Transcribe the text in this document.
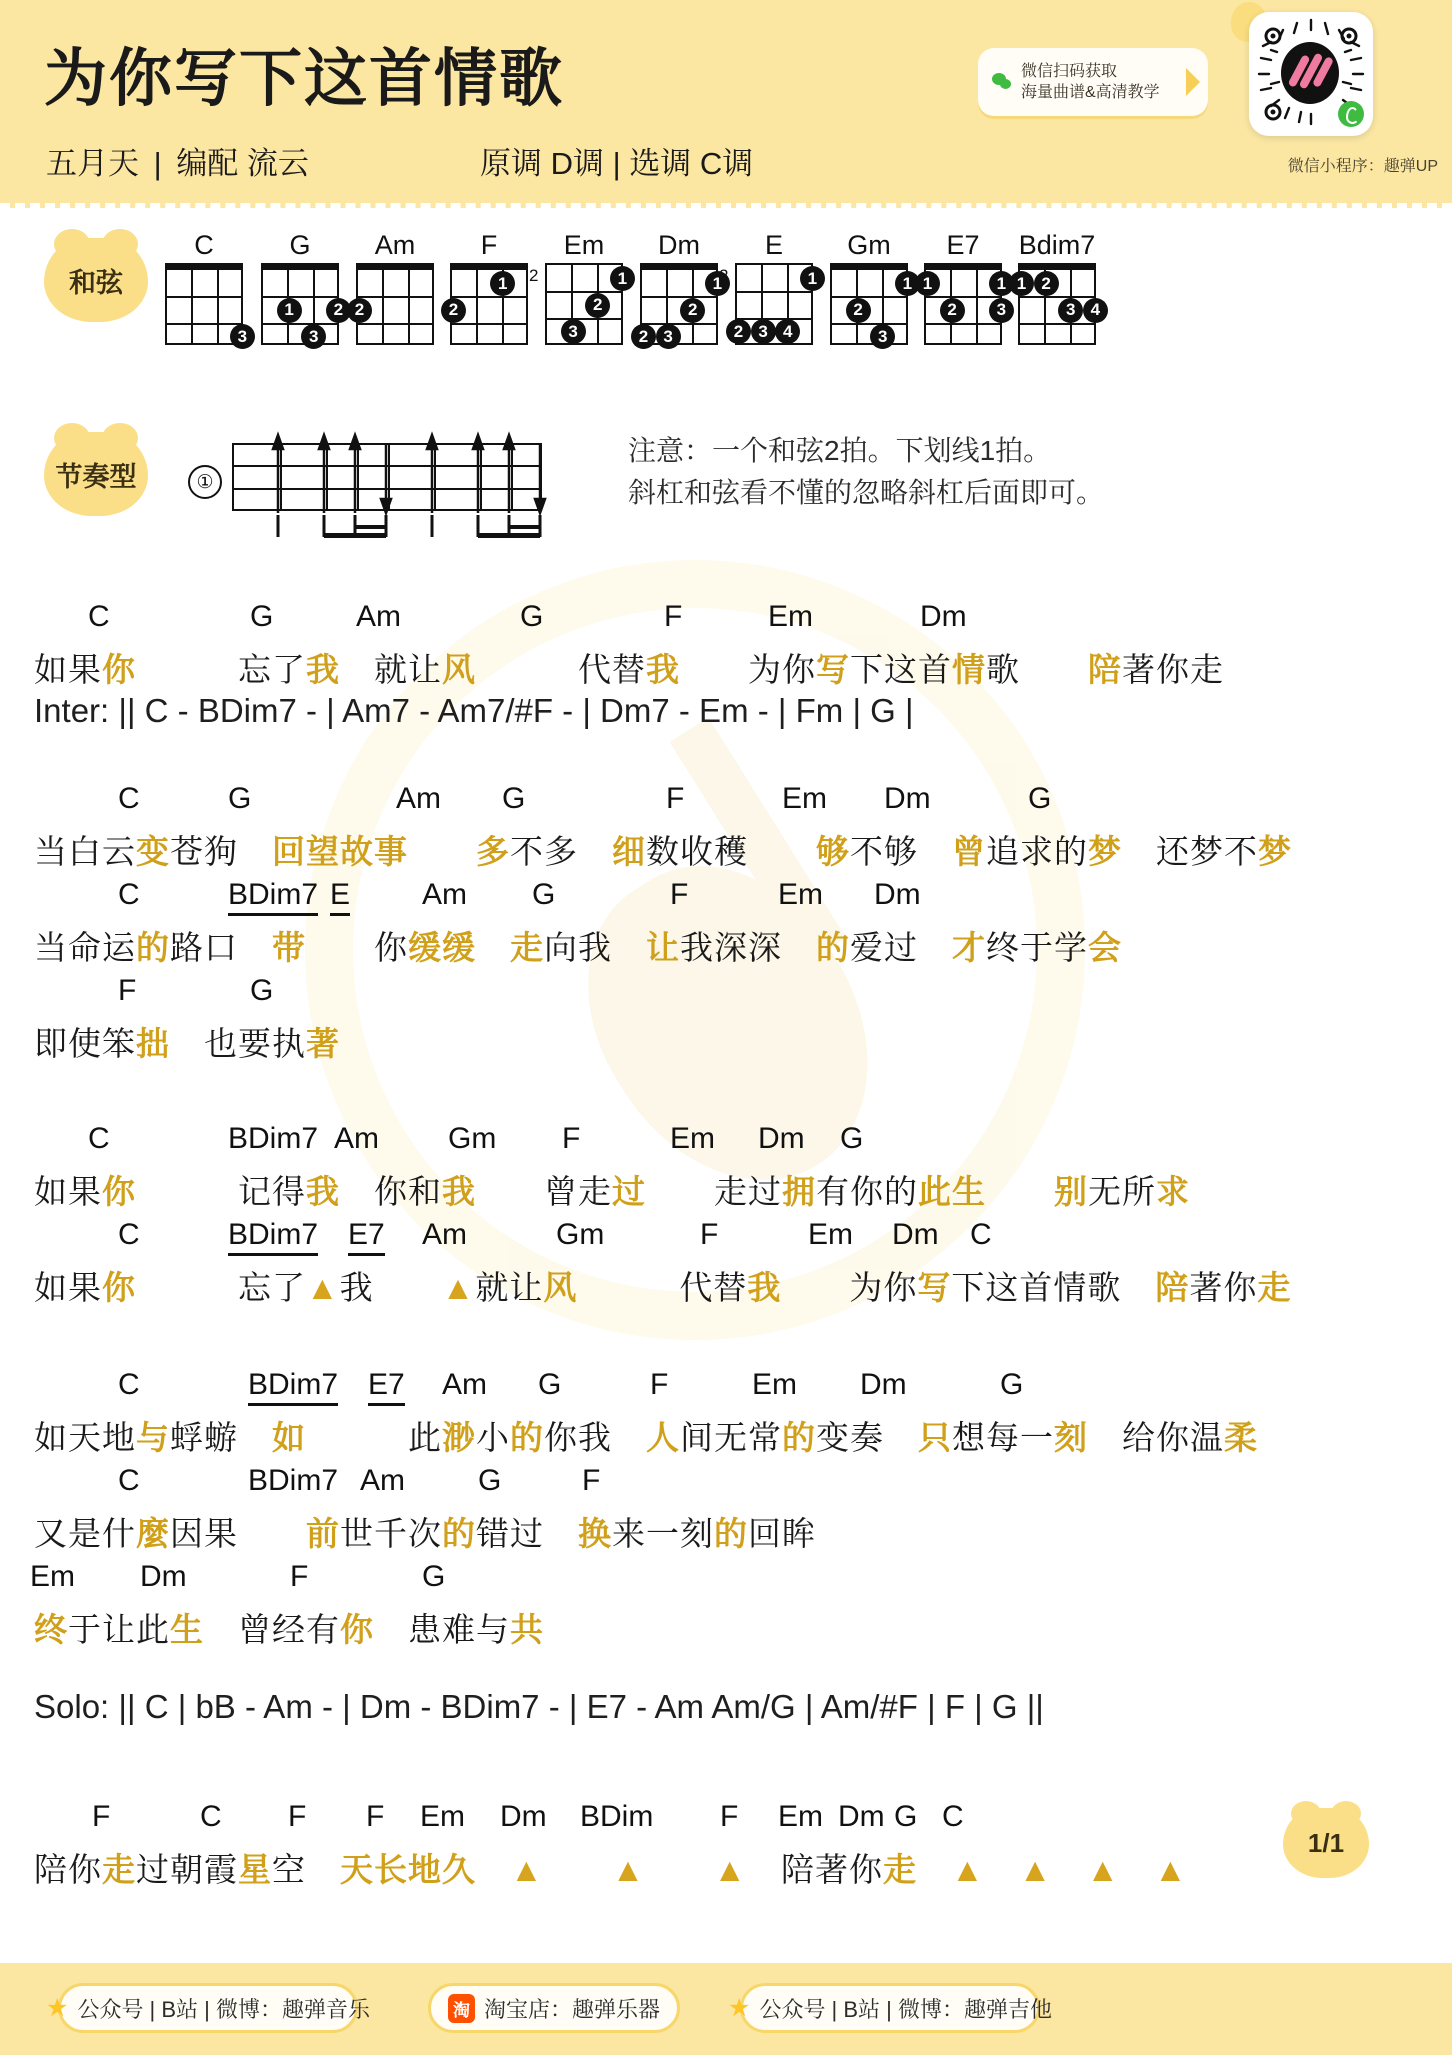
为你写下这首情歌
五月天 | 编配 流云	原调 D调 | 选调 C调
微信扫码获取
海量曲谱&高清教学
微信小程序：趣弹UP
和弦
C
3
G
1	2
3
Am
2
F
1
2
Em
2	1
2
3
Dm
1
2
2 3
E
1
2 3 4
Gm
1
2
3
E7
1	1
2	3
Bdim7
1 2
3 4
节奏型	①
注意：一个和弦2拍。下划线1拍。
斜杠和弦看不懂的忽略斜杠后面即可。
C	G	Am	G	F	Em	Dm
如果你　　　忘了我　就让风　　　代替我　　为你写下这首情歌　　陪著你走
C	G	Am G	F	Em Dm	G
当白云变苍狗　回望故事　　 多不多　细数收穫　　够不够　曾追求的梦　还梦不梦
C	BDim7 E Am G	F	Em Dm
当命运的路口　带　　你缓缓　 走向我　让我深深　的爱过　才终于学会
F	G
即使笨拙　也要执著
C	BDim7 Am Gm F	Em Dm G
如果你　　　记得我　你和我　　曾走过　　走过拥有你的此生　　 别无所求
C	BDim7 E7 Am	Gm	F	Em Dm C
如果你　　　忘了▲我　　▲就让风　　　代替我　　为你写下这首情歌　陪著你走
C	BDim7 E7 Am G	F	Em Dm	G
如天地与蜉蝣　如　　　此渺小的你我　人间无常的变奏　只想每一刻　给你温柔
C	BDim7 Am G	F
又是什麼因果　　前世千次的错过　换来一刻的回眸
Em Dm	F	G
终于让此生　曾经有你　患难与共
F	C F F Em Dm BDim F Em Dm G C
陪你走过朝霞星空　天长地久　 ▲　　 ▲　　 ▲　陪著你走　 ▲　 ▲　 ▲　 ▲
Inter: || C - BDim7 - | Am7 - Am7/#F - | Dm7 - Em - | Fm | G |
Solo: || C | bB - Am - | Dm - BDim7 - | E7 - Am Am/G | Am/#F | F | G ||
1/1
★ 公众号 | B站 | 微博：趣弹音乐	淘 淘宝店：趣弹乐器	★ 公众号 | B站 | 微博：趣弹吉他
